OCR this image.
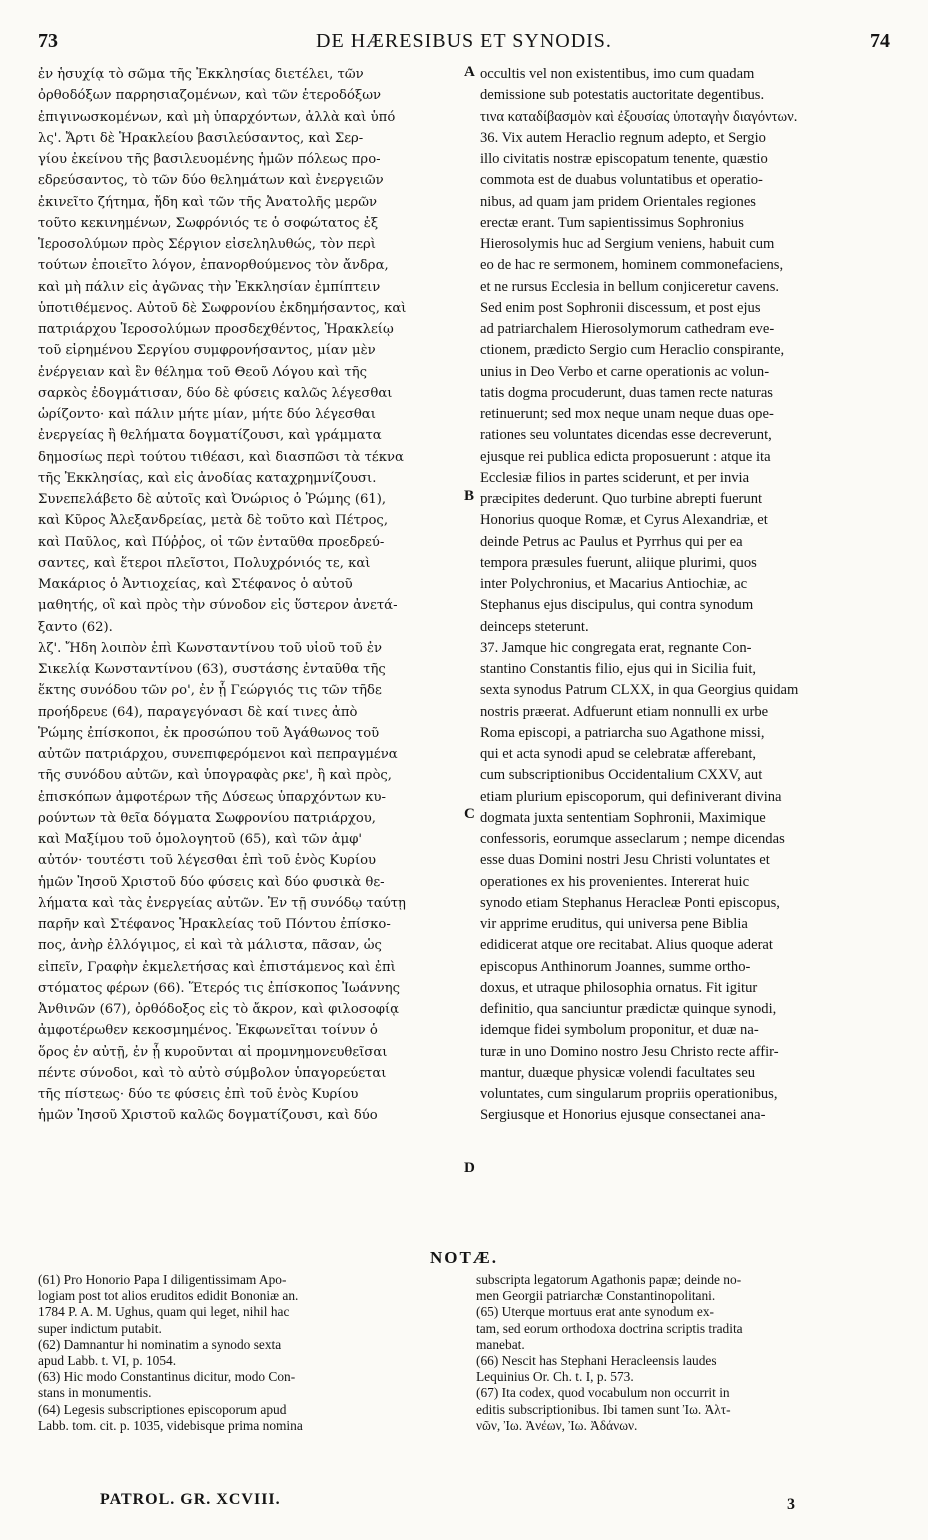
73	DE HÆRESIBUS ET SYNODIS.	74
ἐν ἡσυχίᾳ τὸ σῶμα τῆς Ἐκκλησίας διετέλει, τῶν
ὀρθοδόξων παρρησιαζομένων, καὶ τῶν ἑτεροδόξων
ἐπιγινωσκομένων, καὶ μὴ ὑπαρχόντων, ἀλλὰ καὶ ὑπό
λς'. Ἄρτι δὲ Ἡρακλείου βασιλεύσαντος, καὶ Σερ-
γίου ἐκείνου τῆς βασιλευομένης ἡμῶν πόλεως προ-
εδρεύσαντος, τὸ τῶν δύο θελημάτων καὶ ἐνεργειῶν
ἐκινεῖτο ζήτημα, ἤδη καὶ τῶν τῆς Ἀνατολῆς μερῶν
τοῦτο κεκινημένων, Σωφρόνιός τε ὁ σοφώτατος ἐξ
Ἱεροσολύμων πρὸς Σέργιον εἰσεληλυθώς, τὸν περὶ
τούτων ἐποιεῖτο λόγον, ἐπανορθούμενος τὸν ἄνδρα,
καὶ μὴ πάλιν εἰς ἀγῶνας τὴν Ἐκκλησίαν ἐμπίπτειν
ὑποτιθέμενος. Αὐτοῦ δὲ Σωφρονίου ἐκδημήσαντος, καὶ
πατριάρχου Ἱεροσολύμων προσδεχθέντος, Ἡρακλείῳ
τοῦ εἰρημένου Σεργίου συμφρονήσαντος, μίαν μὲν
ἐνέργειαν καὶ ἓν θέλημα τοῦ Θεοῦ Λόγου καὶ τῆς
σαρκὸς ἐδογμάτισαν, δύο δὲ φύσεις καλῶς λέγεσθαι
ὡρίζοντο· καὶ πάλιν μήτε μίαν, μήτε δύο λέγεσθαι
ἐνεργείας ἢ θελήματα δογματίζουσι, καὶ γράμματα
δημοσίως περὶ τούτου τιθέασι, καὶ διασπῶσι τὰ τέκνα
τῆς Ἐκκλησίας, καὶ εἰς ἀνοδίας καταχρημνίζουσι.
Συνεπελάβετο δὲ αὐτοῖς καὶ Ὀνώριος ὁ Ῥώμης (61),
καὶ Κῦρος Ἀλεξανδρείας, μετὰ δὲ τοῦτο καὶ Πέτρος,
καὶ Παῦλος, καὶ Πύῤῥος, οἱ τῶν ἐνταῦθα προεδρεύ-
σαντες, καὶ ἕτεροι πλεῖστοι, Πολυχρόνιός τε, καὶ
Μακάριος ὁ Ἀντιοχείας, καὶ Στέφανος ὁ αὐτοῦ
μαθητής, οἳ καὶ πρὸς τὴν σύνοδον εἰς ὕστερον ἀνετά-
ξαντο (62).
λζ'. Ἤδη λοιπὸν ἐπὶ Κωνσταντίνου τοῦ υἱοῦ τοῦ ἐν
Σικελίᾳ Κωνσταντίνου (63), συστάσης ἐνταῦθα τῆς
ἕκτης συνόδου τῶν ρο', ἐν ᾗ Γεώργιός τις τῶν τῆδε
προήδρευε (64), παραγεγόνασι δὲ καί τινες ἀπὸ
Ῥώμης ἐπίσκοποι, ἐκ προσώπου τοῦ Ἀγάθωνος τοῦ
αὐτῶν πατριάρχου, συνεπιφερόμενοι καὶ πεπραγμένα
τῆς συνόδου αὐτῶν, καὶ ὑπογραφὰς ρκε', ἢ καὶ πρὸς,
ἐπισκόπων ἀμφοτέρων τῆς Δύσεως ὑπαρχόντων κυ-
ρούντων τὰ θεῖα δόγματα Σωφρονίου πατριάρχου,
καὶ Μαξίμου τοῦ ὁμολογητοῦ (65), καὶ τῶν ἀμφ'
αὐτόν· τουτέστι τοῦ λέγεσθαι ἐπὶ τοῦ ἑνὸς Κυρίου
ἡμῶν Ἰησοῦ Χριστοῦ δύο φύσεις καὶ δύο φυσικὰ θε-
λήματα καὶ τὰς ἐνεργείας αὐτῶν. Ἐν τῇ συνόδῳ ταύτῃ
παρῆν καὶ Στέφανος Ἡρακλείας τοῦ Πόντου ἐπίσκο-
πος, ἀνὴρ ἐλλόγιμος, εἰ καὶ τὰ μάλιστα, πᾶσαν, ὡς
εἰπεῖν, Γραφὴν ἐκμελετήσας καὶ ἐπιστάμενος καὶ ἐπὶ
στόματος φέρων (66). Ἕτερός τις ἐπίσκοπος Ἰωάννης
Ἀνθινῶν (67), ὀρθόδοξος εἰς τὸ ἄκρον, καὶ φιλοσοφίᾳ
ἀμφοτέρωθεν κεκοσμημένος. Ἐκφωνεῖται τοίνυν ὁ
ὅρος ἐν αὐτῇ, ἐν ᾗ κυροῦνται αἱ προμνημονευθεῖσαι
πέντε σύνοδοι, καὶ τὸ αὐτὸ σύμβολον ὑπαγορεύεται
τῆς πίστεως· δύο τε φύσεις ἐπὶ τοῦ ἑνὸς Κυρίου
ἡμῶν Ἰησοῦ Χριστοῦ καλῶς δογματίζουσι, καὶ δύο
occultis vel non existentibus, imo cum quadam
demissione sub potestatis auctoritate degentibus.
τινα καταδίβασμὸν καὶ ἐξουσίας ὑποταγὴν διαγόντων.
36. Vix autem Heraclio regnum adepto, et Sergio
illo civitatis nostræ episcopatum tenente, quæstio
commota est de duabus voluntatibus et operatio-
nibus, ad quam jam pridem Orientales regiones
erectæ erant. Tum sapientissimus Sophronius
Hierosolymis huc ad Sergium veniens, habuit cum
eo de hac re sermonem, hominem commonefaciens,
et ne rursus Ecclesia in bellum conjiceretur cavens.
Sed enim post Sophronii discessum, et post ejus
ad patriarchalem Hierosolymorum cathedram eve-
ctionem, prædicto Sergio cum Heraclio conspirante,
unius in Deo Verbo et carne operationis ac volun-
tatis dogma procuderunt, duas tamen recte naturas
retinuerunt; sed mox neque unam neque duas ope-
rationes seu voluntates dicendas esse decreverunt,
ejusque rei publica edicta proposuerunt : atque ita
Ecclesiæ filios in partes sciderunt, et per invia
præcipites dederunt. Quo turbine abrepti fuerunt
Honorius quoque Romæ, et Cyrus Alexandriæ, et
deinde Petrus ac Paulus et Pyrrhus qui per ea
tempora præsules fuerunt, aliique plurimi, quos
inter Polychronius, et Macarius Antiochiæ, ac
Stephanus ejus discipulus, qui contra synodum
deinceps steterunt.
37. Jamque hic congregata erat, regnante Con-
stantino Constantis filio, ejus qui in Sicilia fuit,
sexta synodus Patrum CLXX, in qua Georgius quidam
nostris præerat. Adfuerunt etiam nonnulli ex urbe
Roma episcopi, a patriarcha suo Agathone missi,
qui et acta synodi apud se celebratæ afferebant,
cum subscriptionibus Occidentalium CXXV, aut
etiam plurium episcoporum, qui definiverant divina
dogmata juxta sententiam Sophronii, Maximique
confessoris, eorumque asseclarum ; nempe dicendas
esse duas Domini nostri Jesu Christi voluntates et
operationes ex his provenientes. Intererat huic
synodo etiam Stephanus Heracleæ Ponti episcopus,
vir apprime eruditus, qui universa pene Biblia
edidicerat atque ore recitabat. Alius quoque aderat
episcopus Anthinorum Joannes, summe ortho-
doxus, et utraque philosophia ornatus. Fit igitur
definitio, qua sanciuntur prædictæ quinque synodi,
idemque fidei symbolum proponitur, et duæ na-
turæ in uno Domino nostro Jesu Christo recte affir-
mantur, duæque physicæ volendi facultates seu
voluntates, cum singularum propriis operationibus,
Sergiusque et Honorius ejusque consectanei ana-
A
B
C
D
NOTÆ.
(61) Pro Honorio Papa I diligentissimam Apo-
logiam post tot alios eruditos edidit Bononiæ an.
1784 P. A. M. Ughus, quam qui leget, nihil hac
super indictum putabit.
(62) Damnantur hi nominatim a synodo sexta
apud Labb. t. VI, p. 1054.
(63) Hic modo Constantinus dicitur, modo Con-
stans in monumentis.
(64) Legesis subscriptiones episcoporum apud
Labb. tom. cit. p. 1035, videbisque prima nomina
subscripta legatorum Agathonis papæ; deinde no-
men Georgii patriarchæ Constantinopolitani.
(65) Uterque mortuus erat ante synodum ex-
tam, sed eorum orthodoxa doctrina scriptis tradita
manebat.
(66) Nescit has Stephani Heracleensis laudes
Lequinius Or. Ch. t. I, p. 573.
(67) Ita codex, quod vocabulum non occurrit in
editis subscriptionibus. Ibi tamen sunt Ἰω. Ἀλτ-
νῶν, Ἰω. Ἀνέων, Ἰω. Ἀδάνων.
PATROL. GR. XCVIII.	3
